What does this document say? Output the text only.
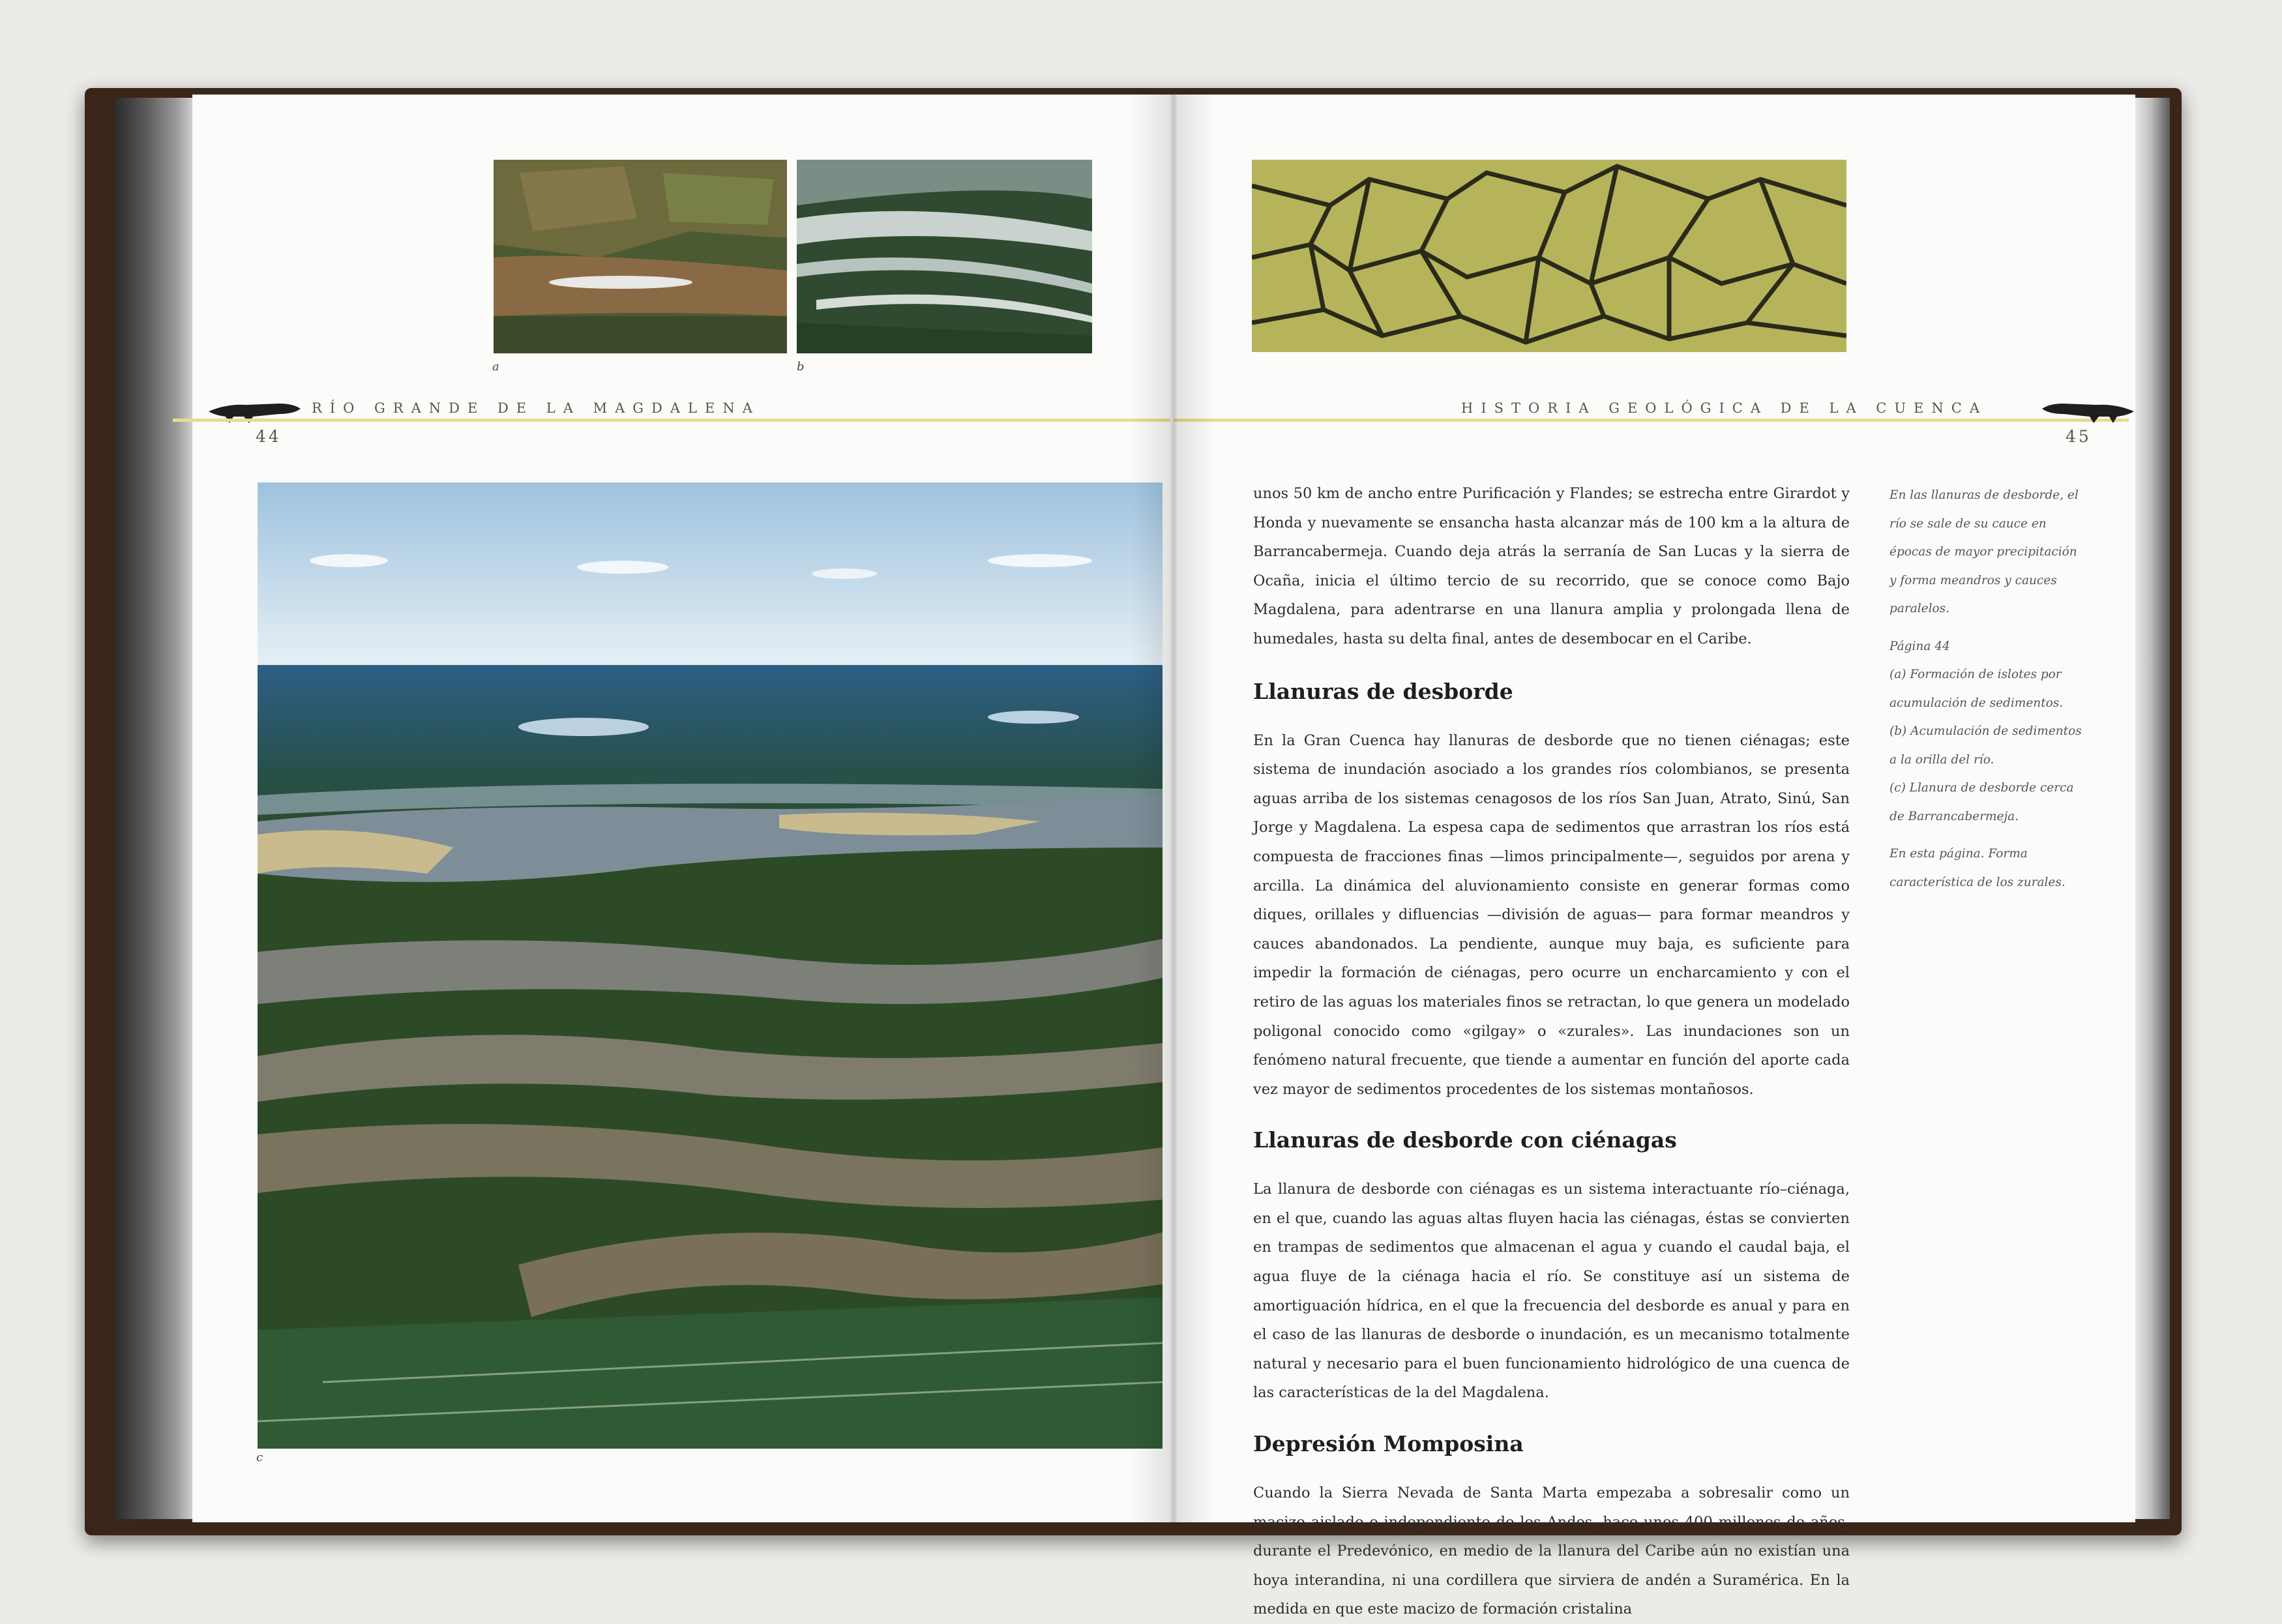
a	b
RÍO GRANDE DE LA MAGDALENA
44
c
HISTORIA GEOLÓGICA DE LA CUENCA
45

unos 50 km de ancho entre Purificación y Flandes; se estrecha entre Girardot y Honda y nuevamente se ensancha hasta alcanzar más de 100 km a la altura de Barrancabermeja. Cuando deja atrás la serranía de San Lucas y la sierra de Ocaña, inicia el último tercio de su recorrido, que se conoce como Bajo Magdalena, para adentrarse en una llanura amplia y prolongada llena de humedales, hasta su delta final, antes de desembocar en el Caribe.

Llanuras de desborde

En la Gran Cuenca hay llanuras de desborde que no tienen ciénagas; este sistema de inundación asociado a los grandes ríos colombianos, se presenta aguas arriba de los sistemas cenagosos de los ríos San Juan, Atrato, Sinú, San Jorge y Magdalena. La espesa capa de sedimentos que arrastran los ríos está compuesta de fracciones finas —limos principalmente—, seguidos por arena y arcilla. La dinámica del aluvionamiento consiste en generar formas como diques, orillales y difluencias —división de aguas— para formar meandros y cauces abandonados. La pendiente, aunque muy baja, es suficiente para impedir la formación de ciénagas, pero ocurre un encharcamiento y con el retiro de las aguas los materiales finos se retractan, lo que genera un modelado poligonal conocido como «gilgay» o «zurales». Las inundaciones son un fenómeno natural frecuente, que tiende a aumentar en función del aporte cada vez mayor de sedimentos procedentes de los sistemas montañosos.

Llanuras de desborde con ciénagas

La llanura de desborde con ciénagas es un sistema interactuante río–ciénaga, en el que, cuando las aguas altas fluyen hacia las ciénagas, éstas se convierten en trampas de sedimentos que almacenan el agua y cuando el caudal baja, el agua fluye de la ciénaga hacia el río. Se constituye así un sistema de amortiguación hídrica, en el que la frecuencia del desborde es anual y para en el caso de las llanuras de desborde o inundación, es un mecanismo totalmente natural y necesario para el buen funcionamiento hidrológico de una cuenca de las características de la del Magdalena.

Depresión Momposina

Cuando la Sierra Nevada de Santa Marta empezaba a sobresalir como un macizo aislado e independiente de los Andes, hace unos 400 millones de años, durante el Predevónico, en medio de la llanura del Caribe aún no existían una hoya interandina, ni una cordillera que sirviera de andén a Suramérica. En la medida en que este macizo de formación cristalina

En las llanuras de desborde, el río se sale de su cauce en épocas de mayor precipitación y forma meandros y cauces paralelos.

Página 44

(a) Formación de islotes por acumulación de sedimentos.

(b) Acumulación de sedimentos a la orilla del río.

(c) Llanura de desborde cerca de Barrancabermeja.

En esta página. Forma característica de los zurales.
